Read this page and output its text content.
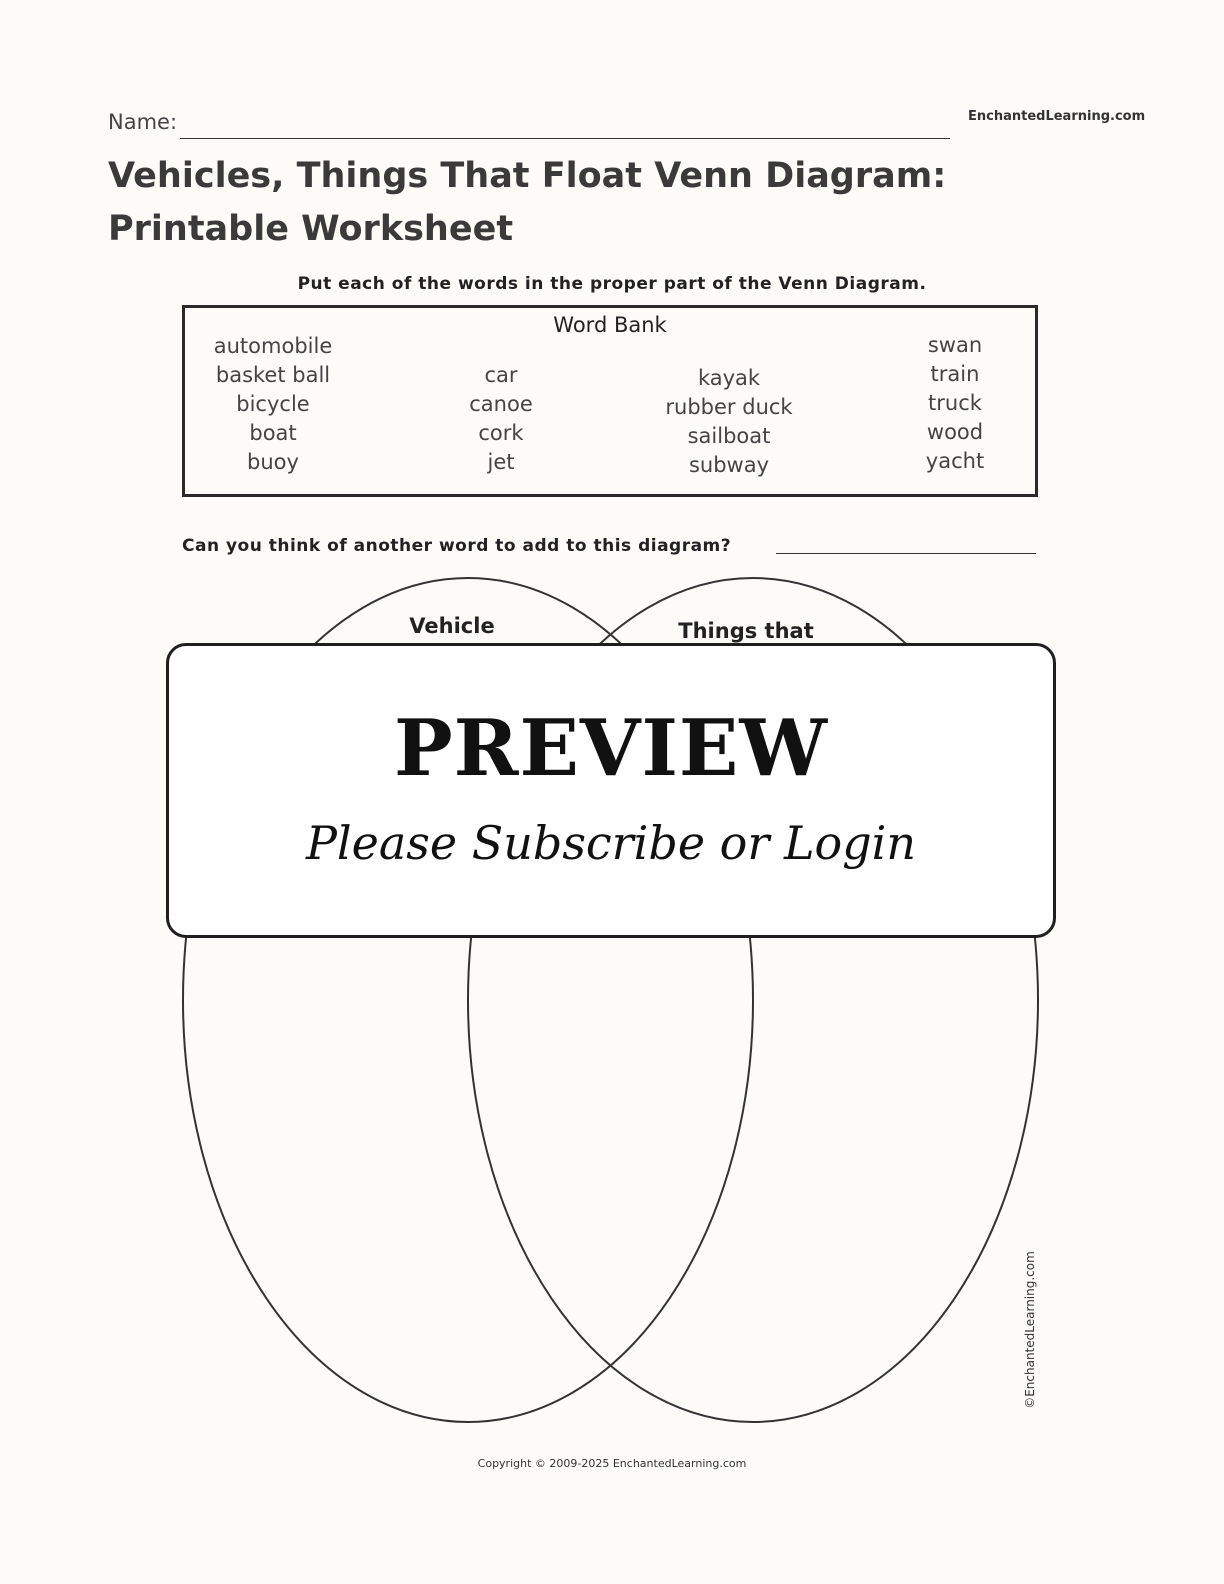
Name:	EnchantedLearning.com
Vehicles, Things That Float Venn Diagram: Printable Worksheet
Put each of the words in the proper part of the Venn Diagram.
Word Bank
automobile
basket ball
bicycle
boat
buoy
car
canoe
cork
jet
kayak
rubber duck
sailboat
subway
swan
train
truck
wood
yacht
Can you think of another word to add to this diagram?
Vehicle	Things that
PREVIEW
Please Subscribe or Login
©EnchantedLearning.com
Copyright © 2009-2025 EnchantedLearning.com
